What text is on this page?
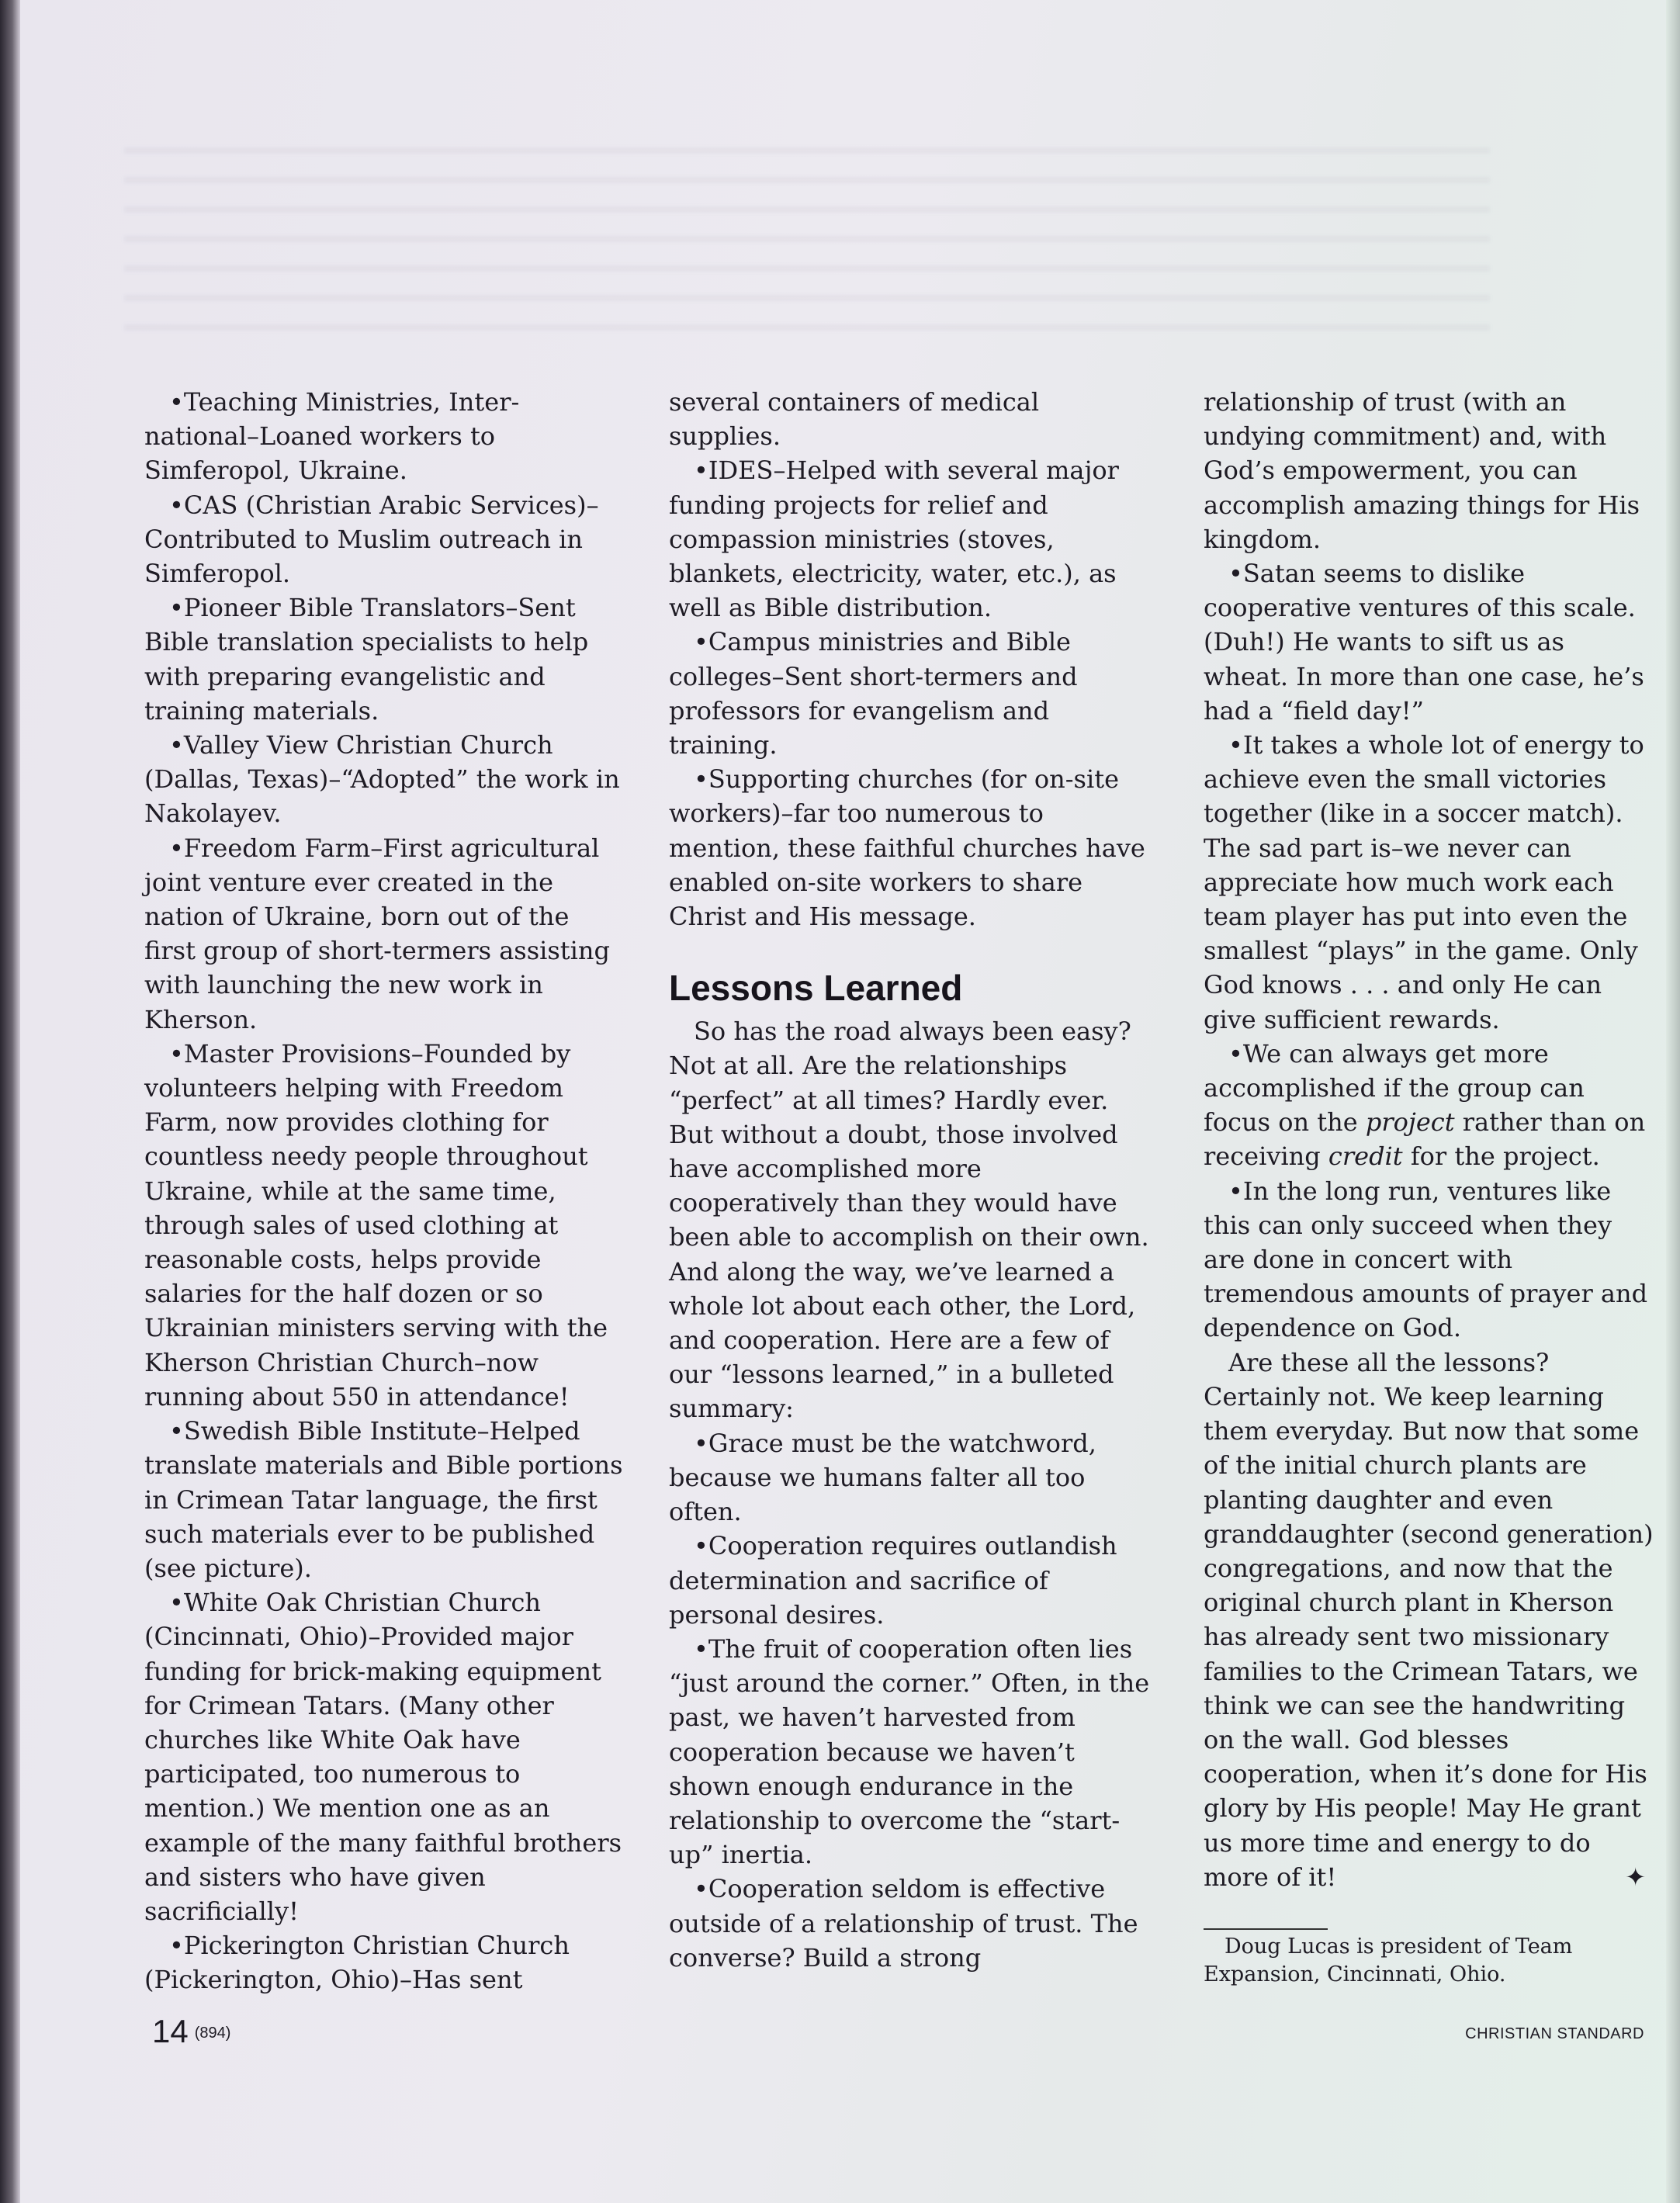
•Teaching Ministries, Inter-national–Loaned workers to Simferopol, Ukraine.

•CAS (Christian Arabic Services)–Contributed to Muslim outreach in Simferopol.

•Pioneer Bible Translators–Sent Bible translation specialists to help with preparing evangelistic and training materials.

•Valley View Christian Church (Dallas, Texas)–“Adopted” the work in Nakolayev.

•Freedom Farm–First agricultural joint venture ever created in the nation of Ukraine, born out of the first group of short-termers assisting with launching the new work in Kherson.

•Master Provisions–Founded by volunteers helping with Freedom Farm, now provides clothing for countless needy people throughout Ukraine, while at the same time, through sales of used clothing at reasonable costs, helps provide salaries for the half dozen or so Ukrainian ministers serving with the Kherson Christian Church–now running about 550 in attendance!

•Swedish Bible Institute–Helped translate materials and Bible portions in Crimean Tatar language, the first such materials ever to be published (see picture).

•White Oak Christian Church (Cincinnati, Ohio)–Provided major funding for brick-making equipment for Crimean Tatars. (Many other churches like White Oak have participated, too numerous to mention.) We mention one as an example of the many faithful brothers and sisters who have given sacrificially!

•Pickerington Christian Church (Pickerington, Ohio)–Has sent

several containers of medical supplies.

•IDES–Helped with several major funding projects for relief and compassion ministries (stoves, blankets, electricity, water, etc.), as well as Bible distribution.

•Campus ministries and Bible colleges–Sent short-termers and professors for evangelism and training.

•Supporting churches (for on-site workers)–far too numerous to mention, these faithful churches have enabled on-site workers to share Christ and His message.

Lessons Learned

So has the road always been easy? Not at all. Are the relationships “perfect” at all times? Hardly ever. But without a doubt, those involved have accomplished more cooperatively than they would have been able to accomplish on their own. And along the way, we’ve learned a whole lot about each other, the Lord, and cooperation. Here are a few of our “lessons learned,” in a bulleted summary:

•Grace must be the watchword, because we humans falter all too often.

•Cooperation requires outlandish determination and sacrifice of personal desires.

•The fruit of cooperation often lies “just around the corner.” Often, in the past, we haven’t harvested from cooperation because we haven’t shown enough endurance in the relationship to overcome the “start-up” inertia.

•Cooperation seldom is effective outside of a relationship of trust. The converse? Build a strong

relationship of trust (with an undying commitment) and, with God’s empowerment, you can accomplish amazing things for His kingdom.

•Satan seems to dislike cooperative ventures of this scale. (Duh!) He wants to sift us as wheat. In more than one case, he’s had a “field day!”

•It takes a whole lot of energy to achieve even the small victories together (like in a soccer match). The sad part is–we never can appreciate how much work each team player has put into even the smallest “plays” in the game. Only God knows . . . and only He can give sufficient rewards.

•We can always get more accomplished if the group can focus on the project rather than on receiving credit for the project.

•In the long run, ventures like this can only succeed when they are done in concert with tremendous amounts of prayer and dependence on God.

Are these all the lessons? Certainly not. We keep learning them everyday. But now that some of the initial church plants are planting daughter and even granddaughter (second generation) congregations, and now that the original church plant in Kherson has already sent two missionary families to the Crimean Tatars, we think we can see the handwriting on the wall. God blesses cooperation, when it’s done for His glory by His people! May He grant us more time and energy to do more of it!	✦

Doug Lucas is president of Team Expansion, Cincinnati, Ohio.

14 (894)	CHRISTIAN STANDARD
